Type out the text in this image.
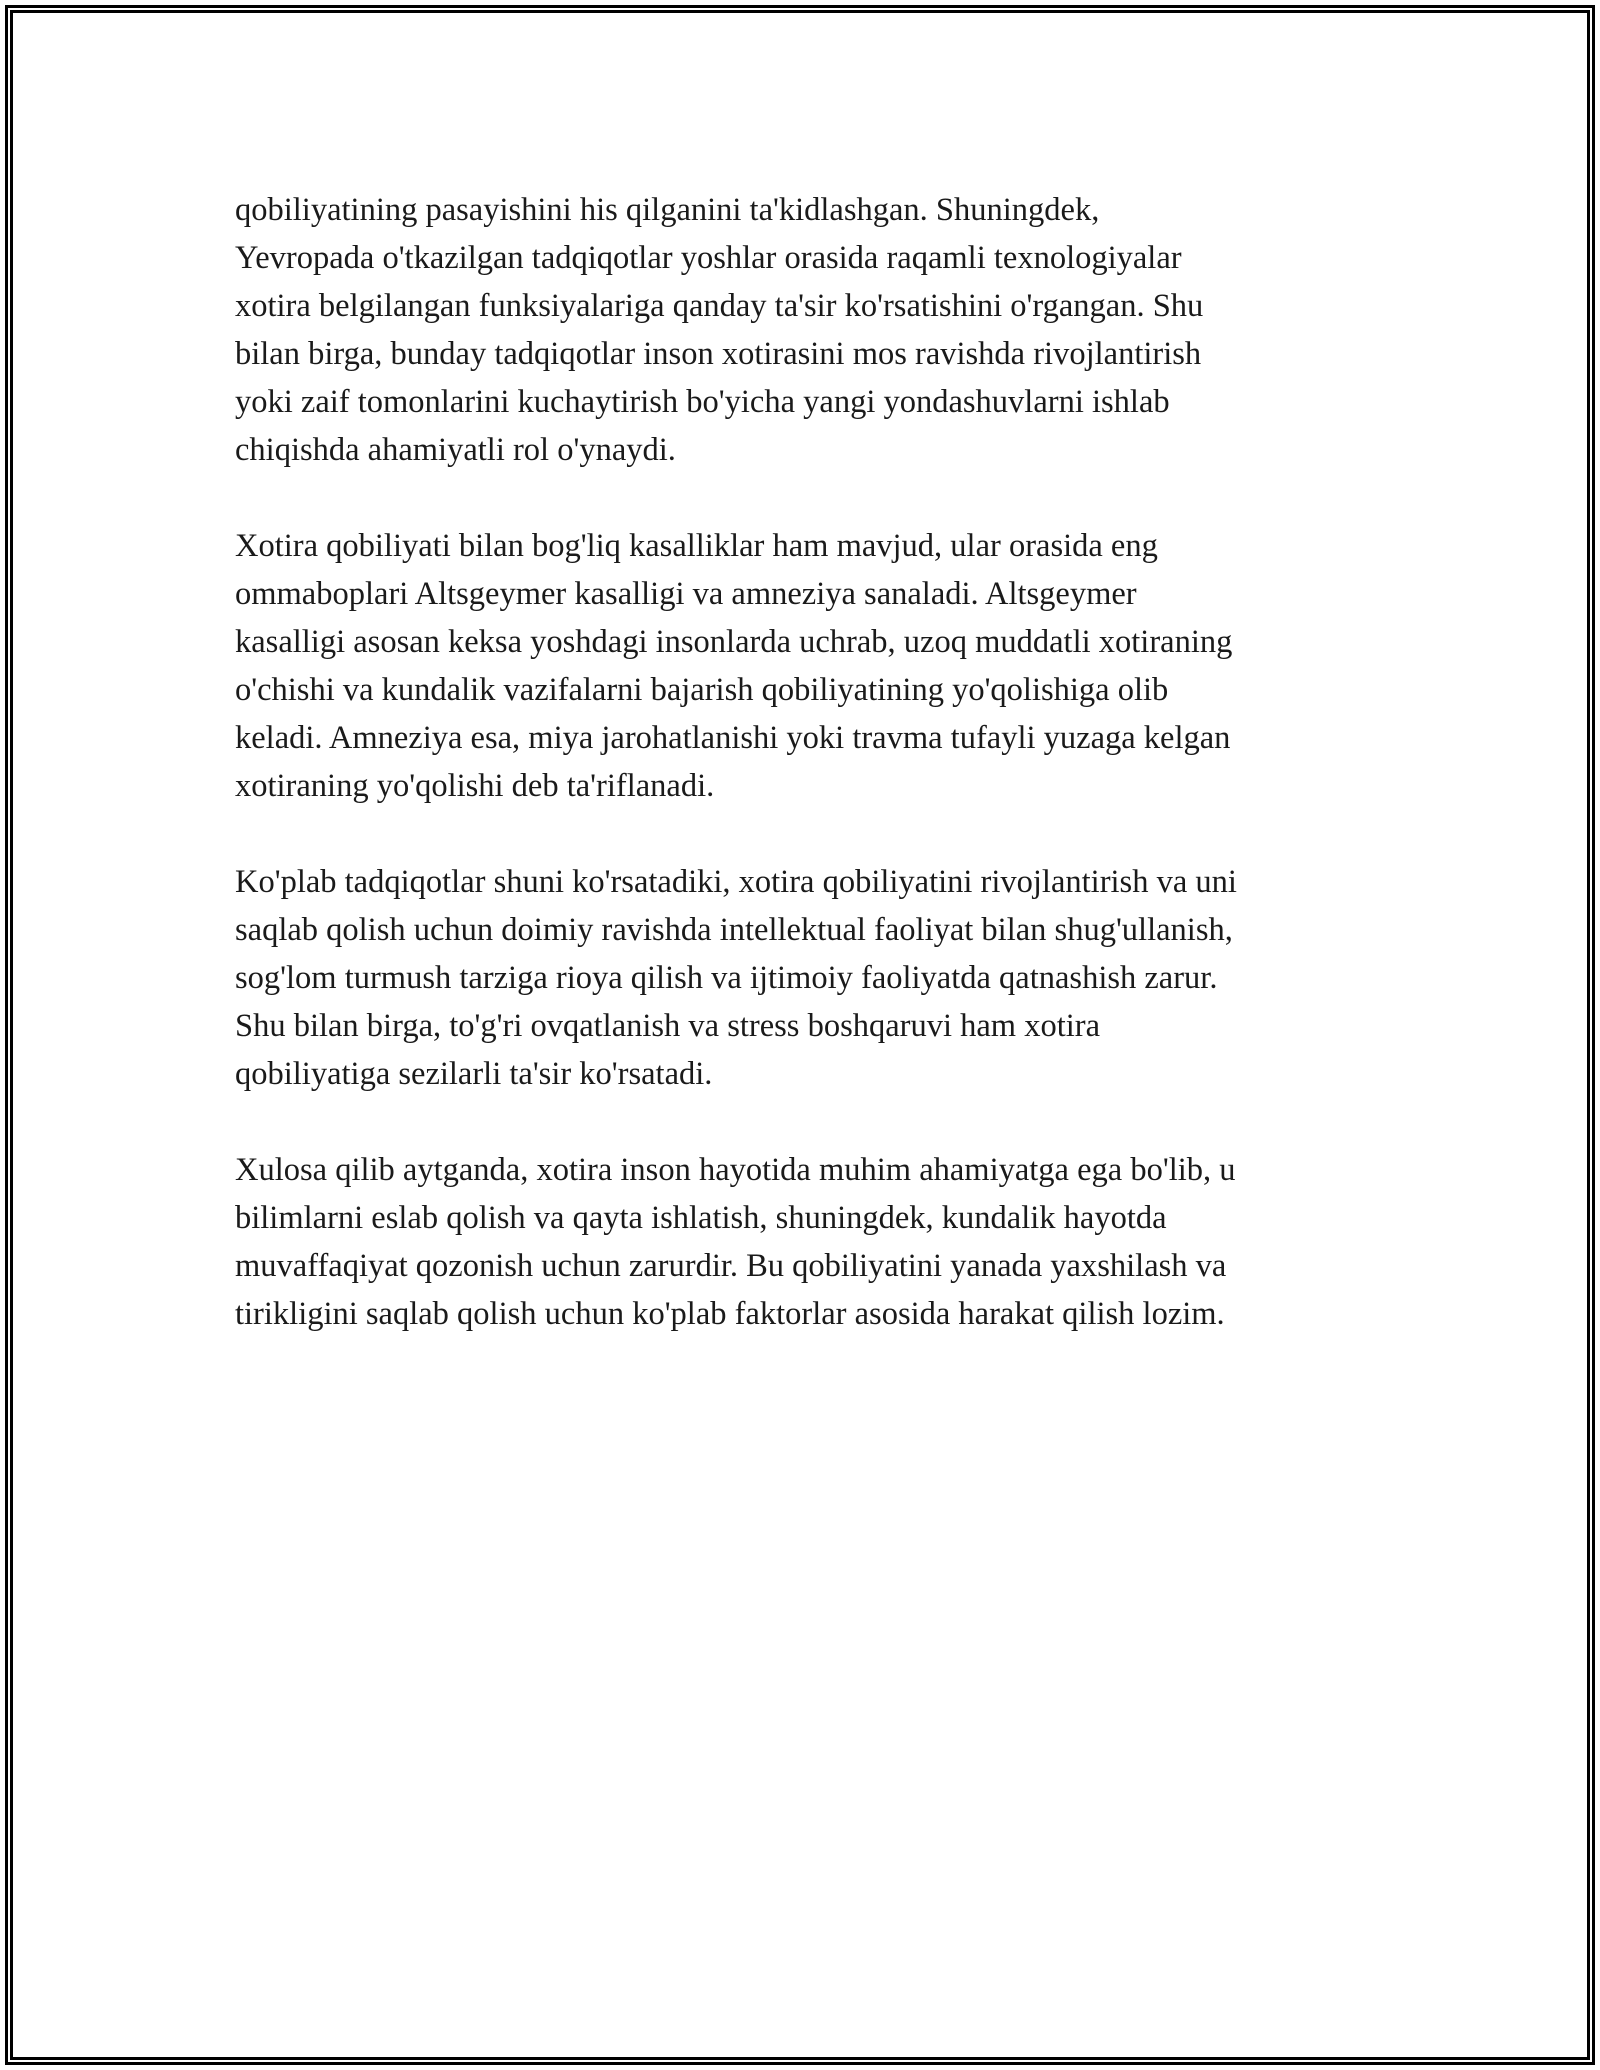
qobiliyatining pasayishini his qilganini ta'kidlashgan. Shuningdek,
Yevropada o'tkazilgan tadqiqotlar yoshlar orasida raqamli texnologiyalar
xotira belgilangan funksiyalariga qanday ta'sir ko'rsatishini o'rgangan. Shu
bilan birga, bunday tadqiqotlar inson xotirasini mos ravishda rivojlantirish
yoki zaif tomonlarini kuchaytirish bo'yicha yangi yondashuvlarni ishlab
chiqishda ahamiyatli rol o'ynaydi.

Xotira qobiliyati bilan bog'liq kasalliklar ham mavjud, ular orasida eng
ommaboplari Altsgeymer kasalligi va amneziya sanaladi. Altsgeymer
kasalligi asosan keksa yoshdagi insonlarda uchrab, uzoq muddatli xotiraning
o'chishi va kundalik vazifalarni bajarish qobiliyatining yo'qolishiga olib
keladi. Amneziya esa, miya jarohatlanishi yoki travma tufayli yuzaga kelgan
xotiraning yo'qolishi deb ta'riflanadi.

Ko'plab tadqiqotlar shuni ko'rsatadiki, xotira qobiliyatini rivojlantirish va uni
saqlab qolish uchun doimiy ravishda intellektual faoliyat bilan shug'ullanish,
sog'lom turmush tarziga rioya qilish va ijtimoiy faoliyatda qatnashish zarur.
Shu bilan birga, to'g'ri ovqatlanish va stress boshqaruvi ham xotira
qobiliyatiga sezilarli ta'sir ko'rsatadi.

Xulosa qilib aytganda, xotira inson hayotida muhim ahamiyatga ega bo'lib, u
bilimlarni eslab qolish va qayta ishlatish, shuningdek, kundalik hayotda
muvaffaqiyat qozonish uchun zarurdir. Bu qobiliyatini yanada yaxshilash va
tirikligini saqlab qolish uchun ko'plab faktorlar asosida harakat qilish lozim.
